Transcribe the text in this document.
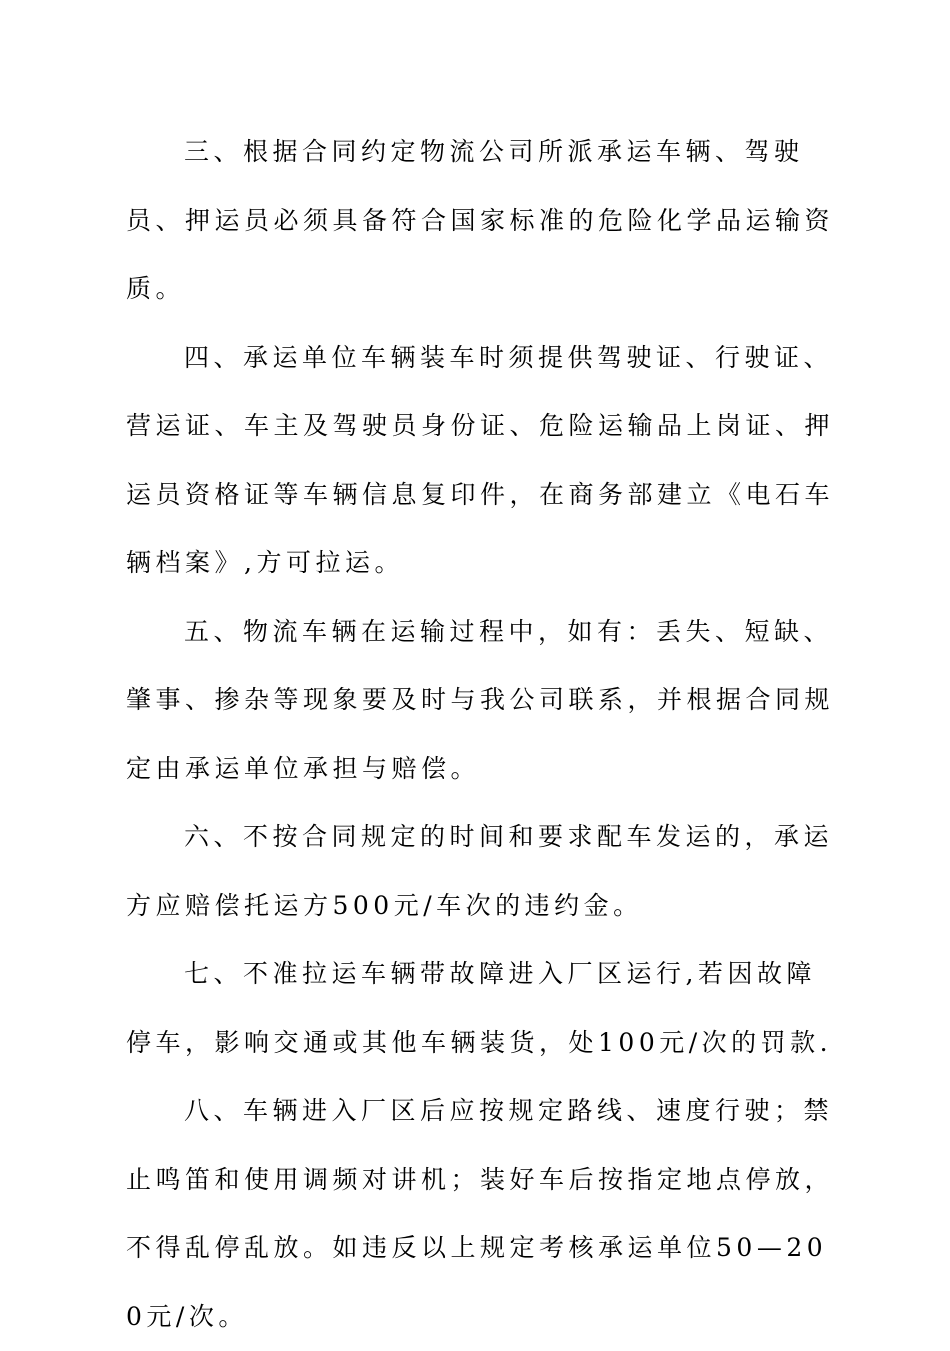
三、根据合同约定物流公司所派承运车辆、驾驶员、押运员必须具备符合国家标准的危险化学品运输资质。

四、承运单位车辆装车时须提供驾驶证、行驶证、营运证、车主及驾驶员身份证、危险运输品上岗证、押运员资格证等车辆信息复印件，在商务部建立《电石车辆档案》,方可拉运。

五、物流车辆在运输过程中，如有：丢失、短缺、肇事、掺杂等现象要及时与我公司联系，并根据合同规定由承运单位承担与赔偿。

六、不按合同规定的时间和要求配车发运的，承运方应赔偿托运方500元/车次的违约金。

七、不准拉运车辆带故障进入厂区运行,若因故障停车，影响交通或其他车辆装货，处100元/次的罚款.

八、车辆进入厂区后应按规定路线、速度行驶；禁止鸣笛和使用调频对讲机；装好车后按指定地点停放，不得乱停乱放。如违反以上规定考核承运单位50—200元/次。
